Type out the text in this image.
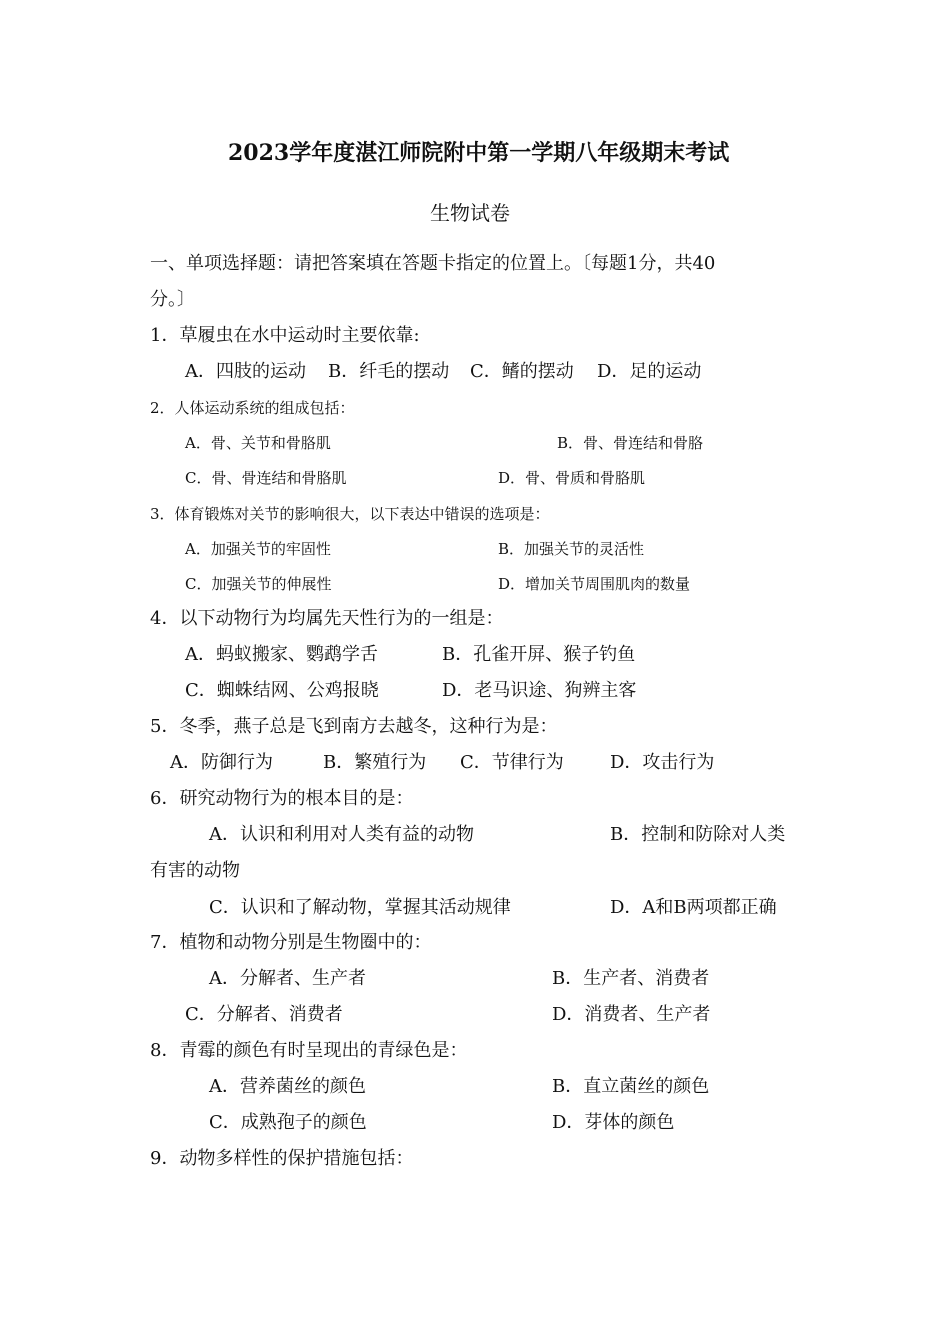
2023学年度湛江师院附中第一学期八年级期末考试
生物试卷
一、单项选择题：请把答案填在答题卡指定的位置上。〔每题1分，共40
分。〕
1．草履虫在水中运动时主要依靠:
A．四肢的运动 B．纤毛的摆动 C．鳍的摆动 D．足的运动
2．人体运动系统的组成包括：
A．骨、关节和骨胳肌	B．骨、骨连结和骨胳
C．骨、骨连结和骨胳肌	D．骨、骨质和骨胳肌
3．体育锻炼对关节的影响很大，以下表达中错误的选项是：
A．加强关节的牢固性	B．加强关节的灵活性
C．加强关节的伸展性	D．增加关节周围肌肉的数量
4．以下动物行为均属先天性行为的一组是：
A．蚂蚁搬家、鹦鹉学舌	B．孔雀开屏、猴子钓鱼
C．蜘蛛结网、公鸡报晓	D．老马识途、狗辨主客
5．冬季，燕子总是飞到南方去越冬，这种行为是：
A．防御行为	B．繁殖行为 C．节律行为	D．攻击行为
6．研究动物行为的根本目的是：
A．认识和利用对人类有益的动物	B．控制和防除对人类
有害的动物
C．认识和了解动物，掌握其活动规律	D．A和B两项都正确
7．植物和动物分别是生物圈中的：
A．分解者、生产者	B．生产者、消费者
C．分解者、消费者	D．消费者、生产者
8．青霉的颜色有时呈现出的青绿色是：
A．营养菌丝的颜色	B．直立菌丝的颜色
C．成熟孢子的颜色	D．芽体的颜色
9．动物多样性的保护措施包括：
